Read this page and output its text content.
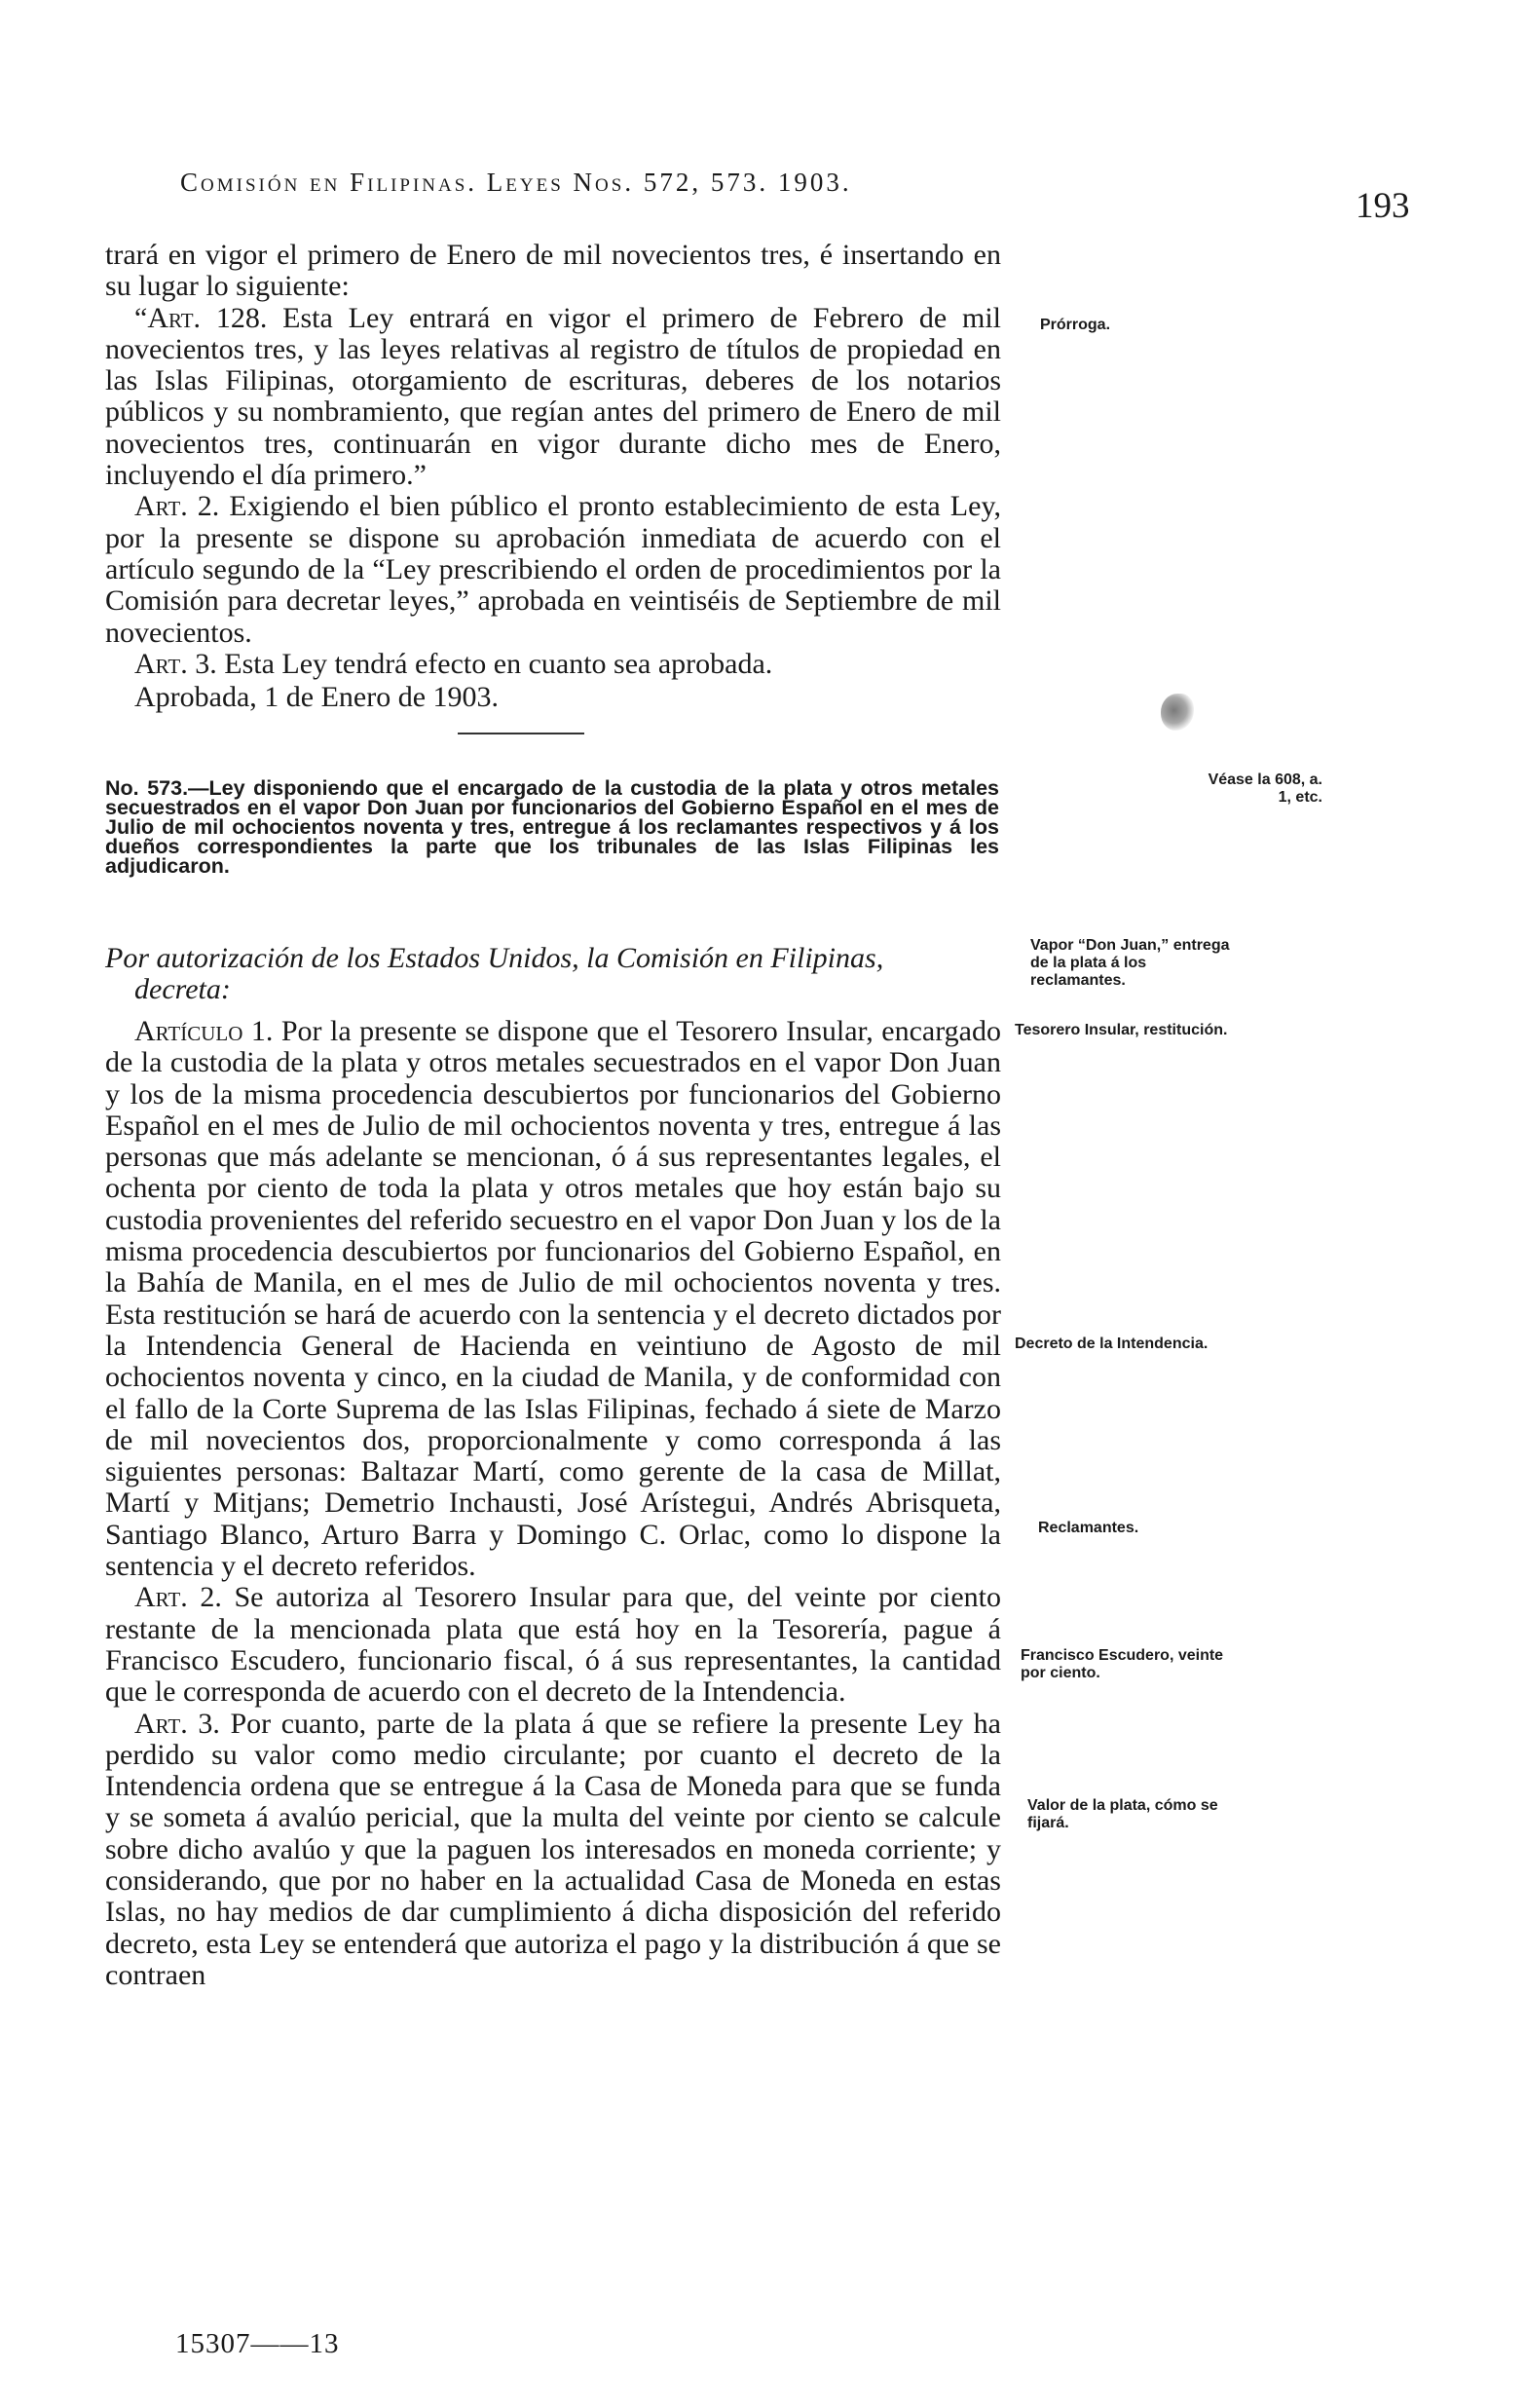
Comisión en Filipinas. Leyes Nos. 572, 573. 1903.
193

trará en vigor el primero de Enero de mil novecientos tres, é insertando en su lugar lo siguiente:

“Art. 128. Esta Ley entrará en vigor el primero de Febrero de mil novecientos tres, y las leyes relativas al registro de títulos de propiedad en las Islas Filipinas, otorgamiento de escrituras, deberes de los notarios públicos y su nombramiento, que regían antes del primero de Enero de mil novecientos tres, continuarán en vigor durante dicho mes de Enero, incluyendo el día primero.”

Art. 2. Exigiendo el bien público el pronto establecimiento de esta Ley, por la presente se dispone su aprobación inmediata de acuerdo con el artículo segundo de la “Ley prescribiendo el orden de procedimientos por la Comisión para decretar leyes,” aprobada en veintiséis de Septiembre de mil novecientos.

Art. 3. Esta Ley tendrá efecto en cuanto sea aprobada.

Aprobada, 1 de Enero de 1903.

No. 573.—Ley disponiendo que el encargado de la custodia de la plata y otros metales secuestrados en el vapor Don Juan por funcionarios del Gobierno Español en el mes de Julio de mil ochocientos noventa y tres, entregue á los reclamantes respectivos y á los dueños correspondientes la parte que los tribunales de las Islas Filipinas les adjudicaron.
Por autorización de los Estados Unidos, la Comisión en Filipinas,
decreta:

Artículo 1. Por la presente se dispone que el Tesorero Insular, encargado de la custodia de la plata y otros metales secuestrados en el vapor Don Juan y los de la misma procedencia descubiertos por funcionarios del Gobierno Español en el mes de Julio de mil ochocientos noventa y tres, entregue á las personas que más adelante se mencionan, ó á sus representantes legales, el ochenta por ciento de toda la plata y otros metales que hoy están bajo su custodia provenientes del referido secuestro en el vapor Don Juan y los de la misma procedencia descubiertos por funcionarios del Gobierno Español, en la Bahía de Manila, en el mes de Julio de mil ochocientos noventa y tres. Esta restitución se hará de acuerdo con la sentencia y el decreto dictados por la Intendencia General de Hacienda en veintiuno de Agosto de mil ochocientos noventa y cinco, en la ciudad de Manila, y de conformidad con el fallo de la Corte Suprema de las Islas Filipinas, fechado á siete de Marzo de mil novecientos dos, proporcionalmente y como corresponda á las siguientes personas: Baltazar Martí, como gerente de la casa de Millat, Martí y Mitjans; Demetrio Inchausti, José Arístegui, Andrés Abrisqueta, Santiago Blanco, Arturo Barra y Domingo C. Orlac, como lo dispone la sentencia y el decreto referidos.

Art. 2. Se autoriza al Tesorero Insular para que, del veinte por ciento restante de la mencionada plata que está hoy en la Tesorería, pague á Francisco Escudero, funcionario fiscal, ó á sus representantes, la cantidad que le corresponda de acuerdo con el decreto de la Intendencia.

Art. 3. Por cuanto, parte de la plata á que se refiere la presente Ley ha perdido su valor como medio circulante; por cuanto el decreto de la Intendencia ordena que se entregue á la Casa de Moneda para que se funda y se someta á avalúo pericial, que la multa del veinte por ciento se calcule sobre dicho avalúo y que la paguen los interesados en moneda corriente; y considerando, que por no haber en la actualidad Casa de Moneda en estas Islas, no hay medios de dar cumplimiento á dicha disposición del referido decreto, esta Ley se entenderá que autoriza el pago y la distribución á que se contraen

15307——13
Prórroga.
Véase la 608, a. 1, etc.
Vapor “Don Juan,” entrega de la plata á los reclamantes.
Tesorero Insular, restitución.
Decreto de la Intendencia.
Reclamantes.
Francisco Escudero, veinte por ciento.
Valor de la plata, cómo se fijará.
